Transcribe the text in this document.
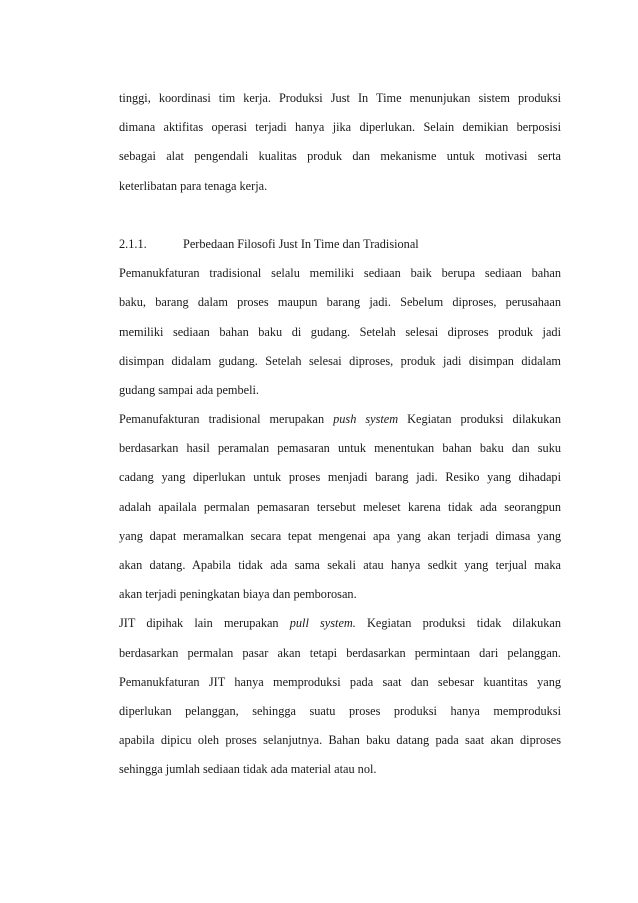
tinggi, koordinasi tim kerja. Produksi Just In Time menunjukan sistem produksi
dimana aktifitas operasi terjadi hanya jika diperlukan. Selain demikian berposisi
sebagai alat pengendali kualitas produk dan mekanisme untuk motivasi serta
keterlibatan para tenaga kerja.
2.1.1.	Perbedaan Filosofi Just In Time dan Tradisional
Pemanukfaturan tradisional selalu memiliki sediaan baik berupa sediaan bahan
baku, barang dalam proses maupun barang jadi. Sebelum diproses, perusahaan
memiliki sediaan bahan baku di gudang. Setelah selesai diproses produk jadi
disimpan didalam gudang. Setelah selesai diproses, produk jadi disimpan didalam
gudang sampai ada pembeli.
Pemanufakturan tradisional merupakan push system Kegiatan produksi dilakukan
berdasarkan hasil peramalan pemasaran untuk menentukan bahan baku dan suku
cadang yang diperlukan untuk proses menjadi barang jadi. Resiko yang dihadapi
adalah apailala permalan pemasaran tersebut meleset karena tidak ada seorangpun
yang dapat meramalkan secara tepat mengenai apa yang akan terjadi dimasa yang
akan datang. Apabila tidak ada sama sekali atau hanya sedkit yang terjual maka
akan terjadi peningkatan biaya dan pemborosan.
JIT dipihak lain merupakan pull system. Kegiatan produksi tidak dilakukan
berdasarkan permalan pasar akan tetapi berdasarkan permintaan dari pelanggan.
Pemanukfaturan JIT hanya memproduksi pada saat dan sebesar kuantitas yang
diperlukan pelanggan, sehingga suatu proses produksi hanya memproduksi
apabila dipicu oleh proses selanjutnya. Bahan baku datang pada saat akan diproses
sehingga jumlah sediaan tidak ada material atau nol.
